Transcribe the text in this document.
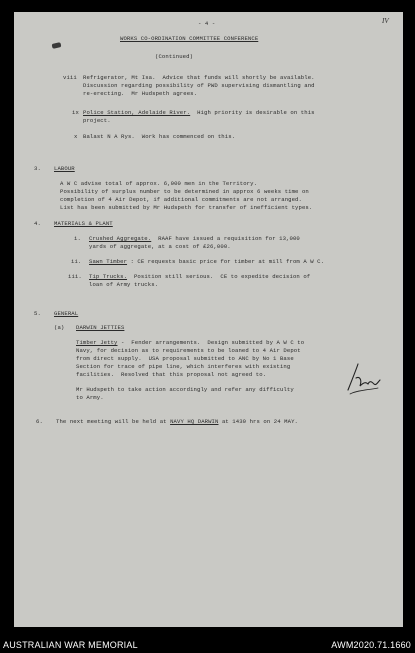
- 4 -	IV
WORKS CO-ORDINATION COMMITTEE CONFERENCE
(Continued)
viii Refrigerator, Mt Isa.  Advice that funds will shortly be available.
Discussion regarding possibility of PWD supervising dismantling and
re-erecting.  Mr Hudspeth agrees.
ix Police Station, Adelaide River.  High priority is desirable on this
project.
x Balast N A Rys.  Work has commenced on this.
3. LABOUR
A W C advise total of approx. 6,000 men in the Territory.
Possibility of surplus number to be determined in approx 6 weeks time on
completion of 4 Air Depot, if additional commitments are not arranged.
List has been submitted by Mr Hudspeth for transfer of inefficient types.
4. MATERIALS & PLANT
i. Crushed Aggregate.  RAAF have issued a requisition for 13,000
yards of aggregate, at a cost of £26,000.
ii. Sawn Timber : CE requests basic price for timber at mill from A W C.
iii. Tip Trucks.  Position still serious.  CE to expedite decision of
loan of Army trucks.
5. GENERAL
(a) DARWIN JETTIES
Timber Jetty -  Fender arrangements.  Design submitted by A W C to
Navy, for decision as to requirements to be loaned to 4 Air Depot
from direct supply.  USA proposal submitted to ANC by No 1 Base
Section for trace of pipe line, which interferes with existing
facilities.  Resolved that this proposal not agreed to.
Mr Hudspeth to take action accordingly and refer any difficulty
to Army.
6. The next meeting will be held at NAVY HQ DARWIN at 1430 hrs on 24 MAY.
AUSTRALIAN WAR MEMORIAL	AWM2020.71.1660
